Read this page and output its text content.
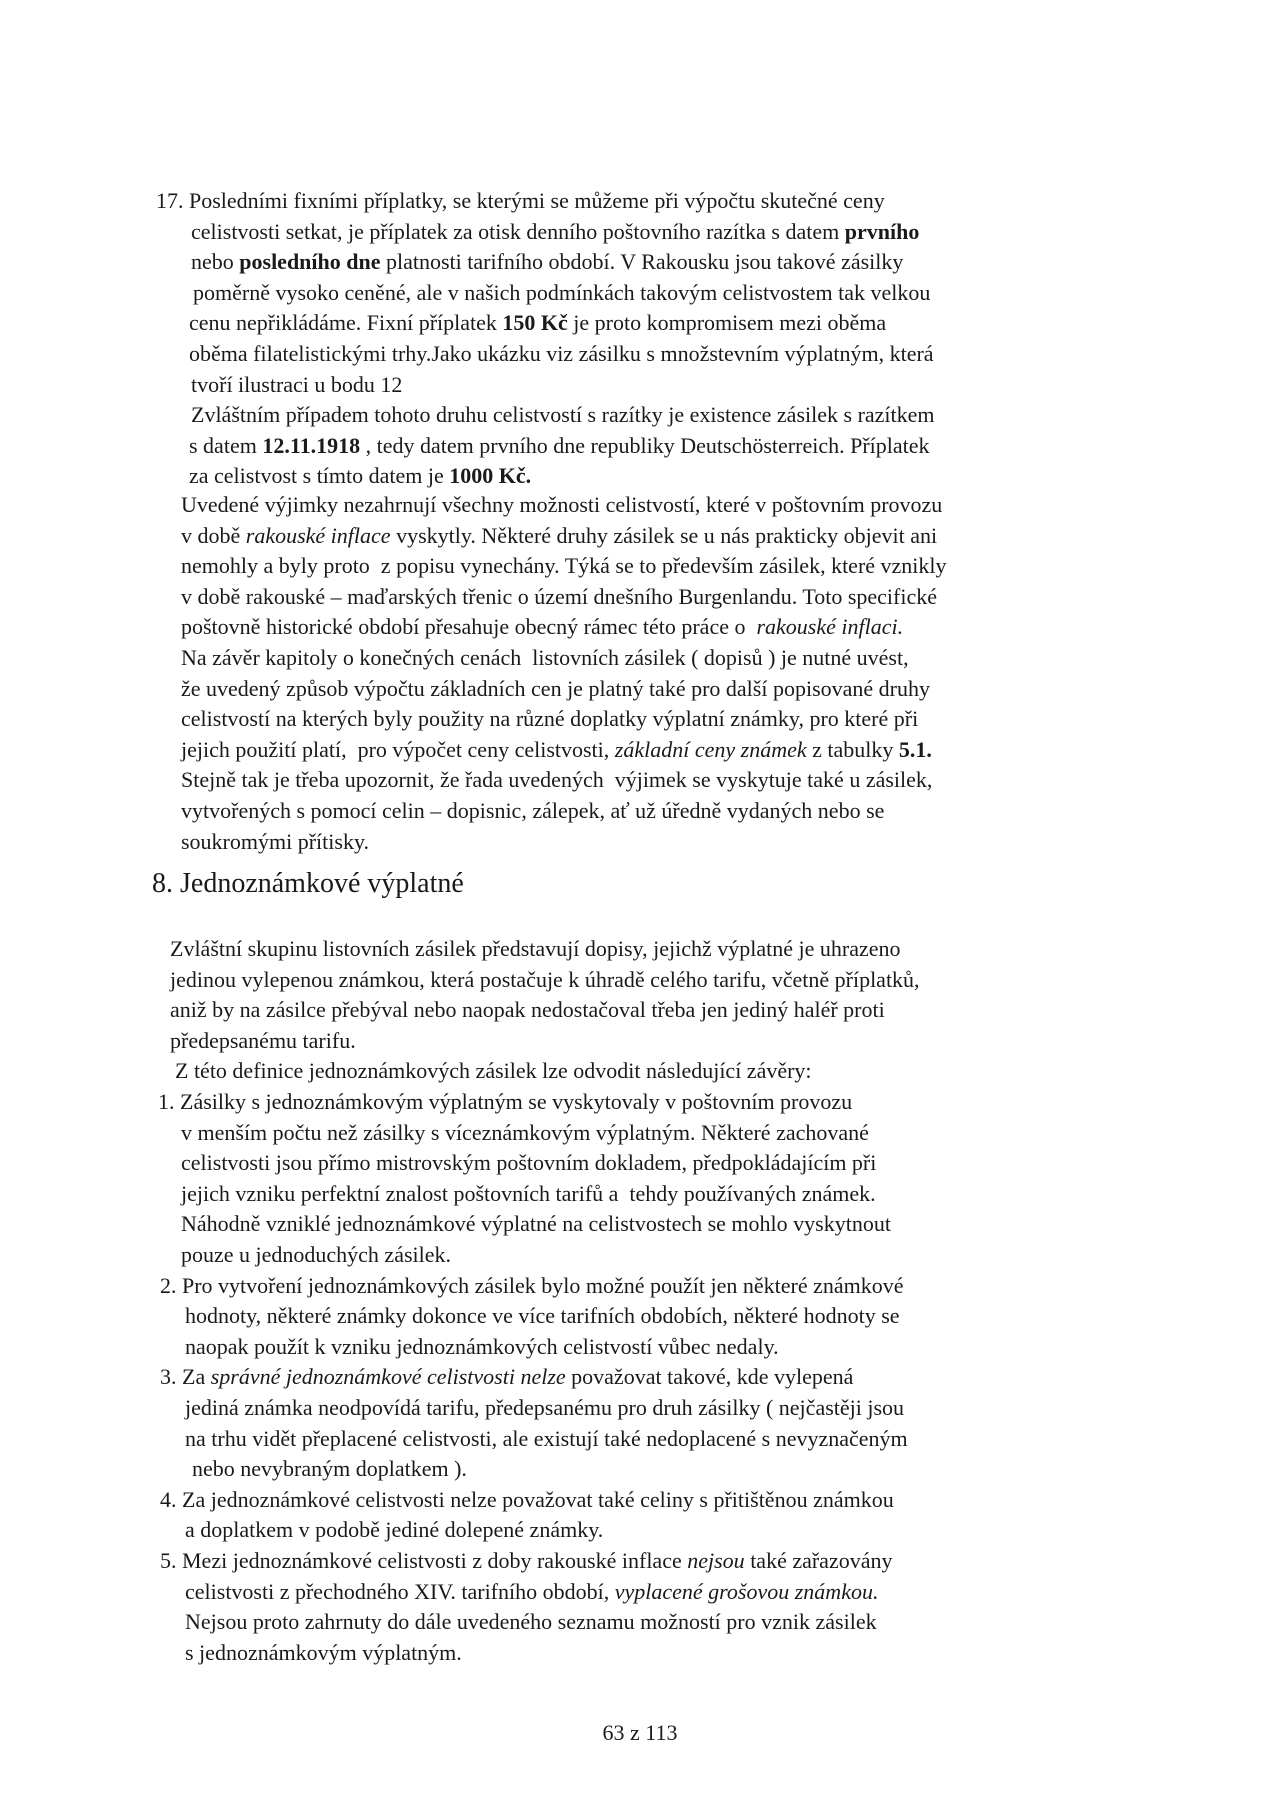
17. Posledními fixními příplatky, se kterými se můžeme při výpočtu skutečné ceny
celistvosti setkat, je příplatek za otisk denního poštovního razítka s datem prvního
nebo posledního dne platnosti tarifního období. V Rakousku jsou takové zásilky
poměrně vysoko ceněné, ale v našich podmínkách takovým celistvostem tak velkou
cenu nepřikládáme. Fixní příplatek 150 Kč je proto kompromisem mezi oběma
oběma filatelistickými trhy.Jako ukázku viz zásilku s množstevním výplatným, která
tvoří ilustraci u bodu 12
Zvláštním případem tohoto druhu celistvostí s razítky je existence zásilek s razítkem
s datem 12.11.1918 , tedy datem prvního dne republiky Deutschösterreich. Příplatek
za celistvost s tímto datem je 1000 Kč.
Uvedené výjimky nezahrnují všechny možnosti celistvostí, které v poštovním provozu
v době rakouské inflace vyskytly. Některé druhy zásilek se u nás prakticky objevit ani
nemohly a byly proto  z popisu vynechány. Týká se to především zásilek, které vznikly
v době rakouské – maďarských třenic o území dnešního Burgenlandu. Toto specifické
poštovně historické období přesahuje obecný rámec této práce o  rakouské inflaci.
Na závěr kapitoly o konečných cenách  listovních zásilek ( dopisů ) je nutné uvést,
že uvedený způsob výpočtu základních cen je platný také pro další popisované druhy
celistvostí na kterých byly použity na různé doplatky výplatní známky, pro které při
jejich použití platí,  pro výpočet ceny celistvosti, základní ceny známek z tabulky 5.1.
Stejně tak je třeba upozornit, že řada uvedených  výjimek se vyskytuje také u zásilek,
vytvořených s pomocí celin – dopisnic, zálepek, ať už úředně vydaných nebo se
soukromými přítisky.
Zvláštní skupinu listovních zásilek představují dopisy, jejichž výplatné je uhrazeno
jedinou vylepenou známkou, která postačuje k úhradě celého tarifu, včetně příplatků,
aniž by na zásilce přebýval nebo naopak nedostačoval třeba jen jediný haléř proti
předepsanému tarifu.
Z této definice jednoznámkových zásilek lze odvodit následující závěry:
1. Zásilky s jednoznámkovým výplatným se vyskytovaly v poštovním provozu
v menším počtu než zásilky s víceznámkovým výplatným. Některé zachované
celistvosti jsou přímo mistrovským poštovním dokladem, předpokládajícím při
jejich vzniku perfektní znalost poštovních tarifů a  tehdy používaných známek.
Náhodně vzniklé jednoznámkové výplatné na celistvostech se mohlo vyskytnout
pouze u jednoduchých zásilek.
2. Pro vytvoření jednoznámkových zásilek bylo možné použít jen některé známkové
hodnoty, některé známky dokonce ve více tarifních obdobích, některé hodnoty se
naopak použít k vzniku jednoznámkových celistvostí vůbec nedaly.
3. Za správné jednoznámkové celistvosti nelze považovat takové, kde vylepená
jediná známka neodpovídá tarifu, předepsanému pro druh zásilky ( nejčastěji jsou
na trhu vidět přeplacené celistvosti, ale existují také nedoplacené s nevyznačeným
nebo nevybraným doplatkem ).
4. Za jednoznámkové celistvosti nelze považovat také celiny s přitištěnou známkou
a doplatkem v podobě jediné dolepené známky.
5. Mezi jednoznámkové celistvosti z doby rakouské inflace nejsou také zařazovány
celistvosti z přechodného XIV. tarifního období, vyplacené grošovou známkou.
Nejsou proto zahrnuty do dále uvedeného seznamu možností pro vznik zásilek
s jednoznámkovým výplatným.
8. Jednoznámkové výplatné
63 z 113
